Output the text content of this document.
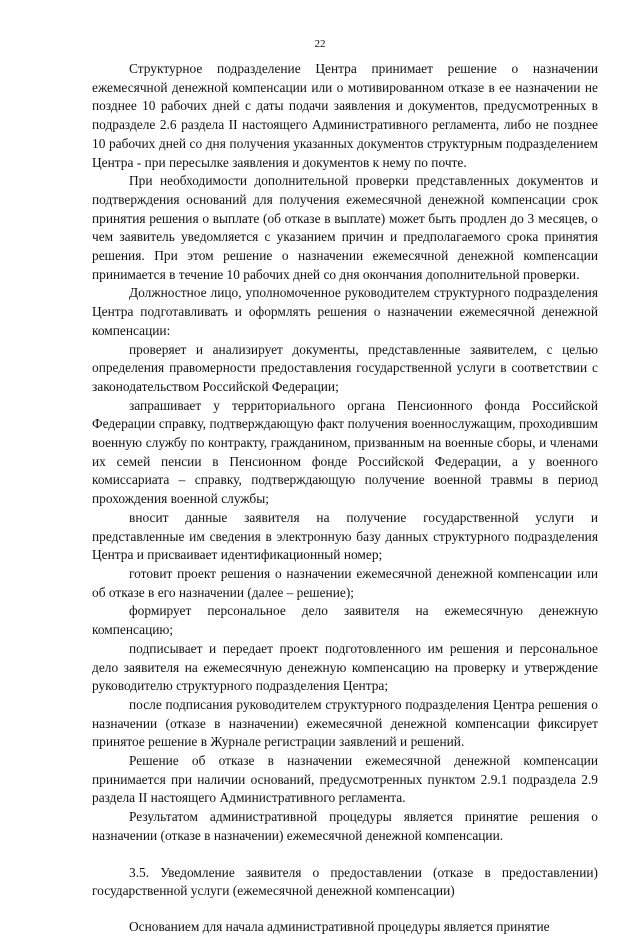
22

Структурное подразделение Центра принимает решение о назначении ежемесячной денежной компенсации или о мотивированном отказе в ее назначении не позднее 10 рабочих дней с даты подачи заявления и документов, предусмотренных в подразделе 2.6 раздела II настоящего Административного регламента, либо не позднее 10 рабочих дней со дня получения указанных документов структурным подразделением Центра - при пересылке заявления и документов к нему по почте.

При необходимости дополнительной проверки представленных документов и подтверждения оснований для получения ежемесячной денежной компенсации срок принятия решения о выплате (об отказе в выплате) может быть продлен до 3 месяцев, о чем заявитель уведомляется с указанием причин и предполагаемого срока принятия решения. При этом решение о назначении ежемесячной денежной компенсации принимается в течение 10 рабочих дней со дня окончания дополнительной проверки.

Должностное лицо, уполномоченное руководителем структурного подразделения Центра подготавливать и оформлять решения о назначении ежемесячной денежной компенсации:

проверяет и анализирует документы, представленные заявителем, с целью определения правомерности предоставления государственной услуги в соответствии с законодательством Российской Федерации;

запрашивает у территориального органа Пенсионного фонда Российской Федерации справку, подтверждающую факт получения военнослужащим, проходившим военную службу по контракту, гражданином, призванным на военные сборы, и членами их семей пенсии в Пенсионном фонде Российской Федерации, а у военного комиссариата – справку, подтверждающую получение военной травмы в период прохождения военной службы;

вносит данные заявителя на получение государственной услуги и представленные им сведения в электронную базу данных структурного подразделения Центра и присваивает идентификационный номер;

готовит проект решения о назначении ежемесячной денежной компенсации или об отказе в его назначении (далее – решение);

формирует персональное дело заявителя на ежемесячную денежную компенсацию;

подписывает и передает проект подготовленного им решения и персональное дело заявителя на ежемесячную денежную компенсацию на проверку и утверждение руководителю структурного подразделения Центра;

после подписания руководителем структурного подразделения Центра решения о назначении (отказе в назначении) ежемесячной денежной компенсации фиксирует принятое решение в Журнале регистрации заявлений и решений.

Решение об отказе в назначении ежемесячной денежной компенсации принимается при наличии оснований, предусмотренных пунктом 2.9.1 подраздела 2.9 раздела II настоящего Административного регламента.

Результатом административной процедуры является принятие решения о назначении (отказе в назначении) ежемесячной денежной компенсации.

3.5. Уведомление заявителя о предоставлении (отказе в предоставлении) государственной услуги (ежемесячной денежной компенсации)

Основанием для начала административной процедуры является принятие
